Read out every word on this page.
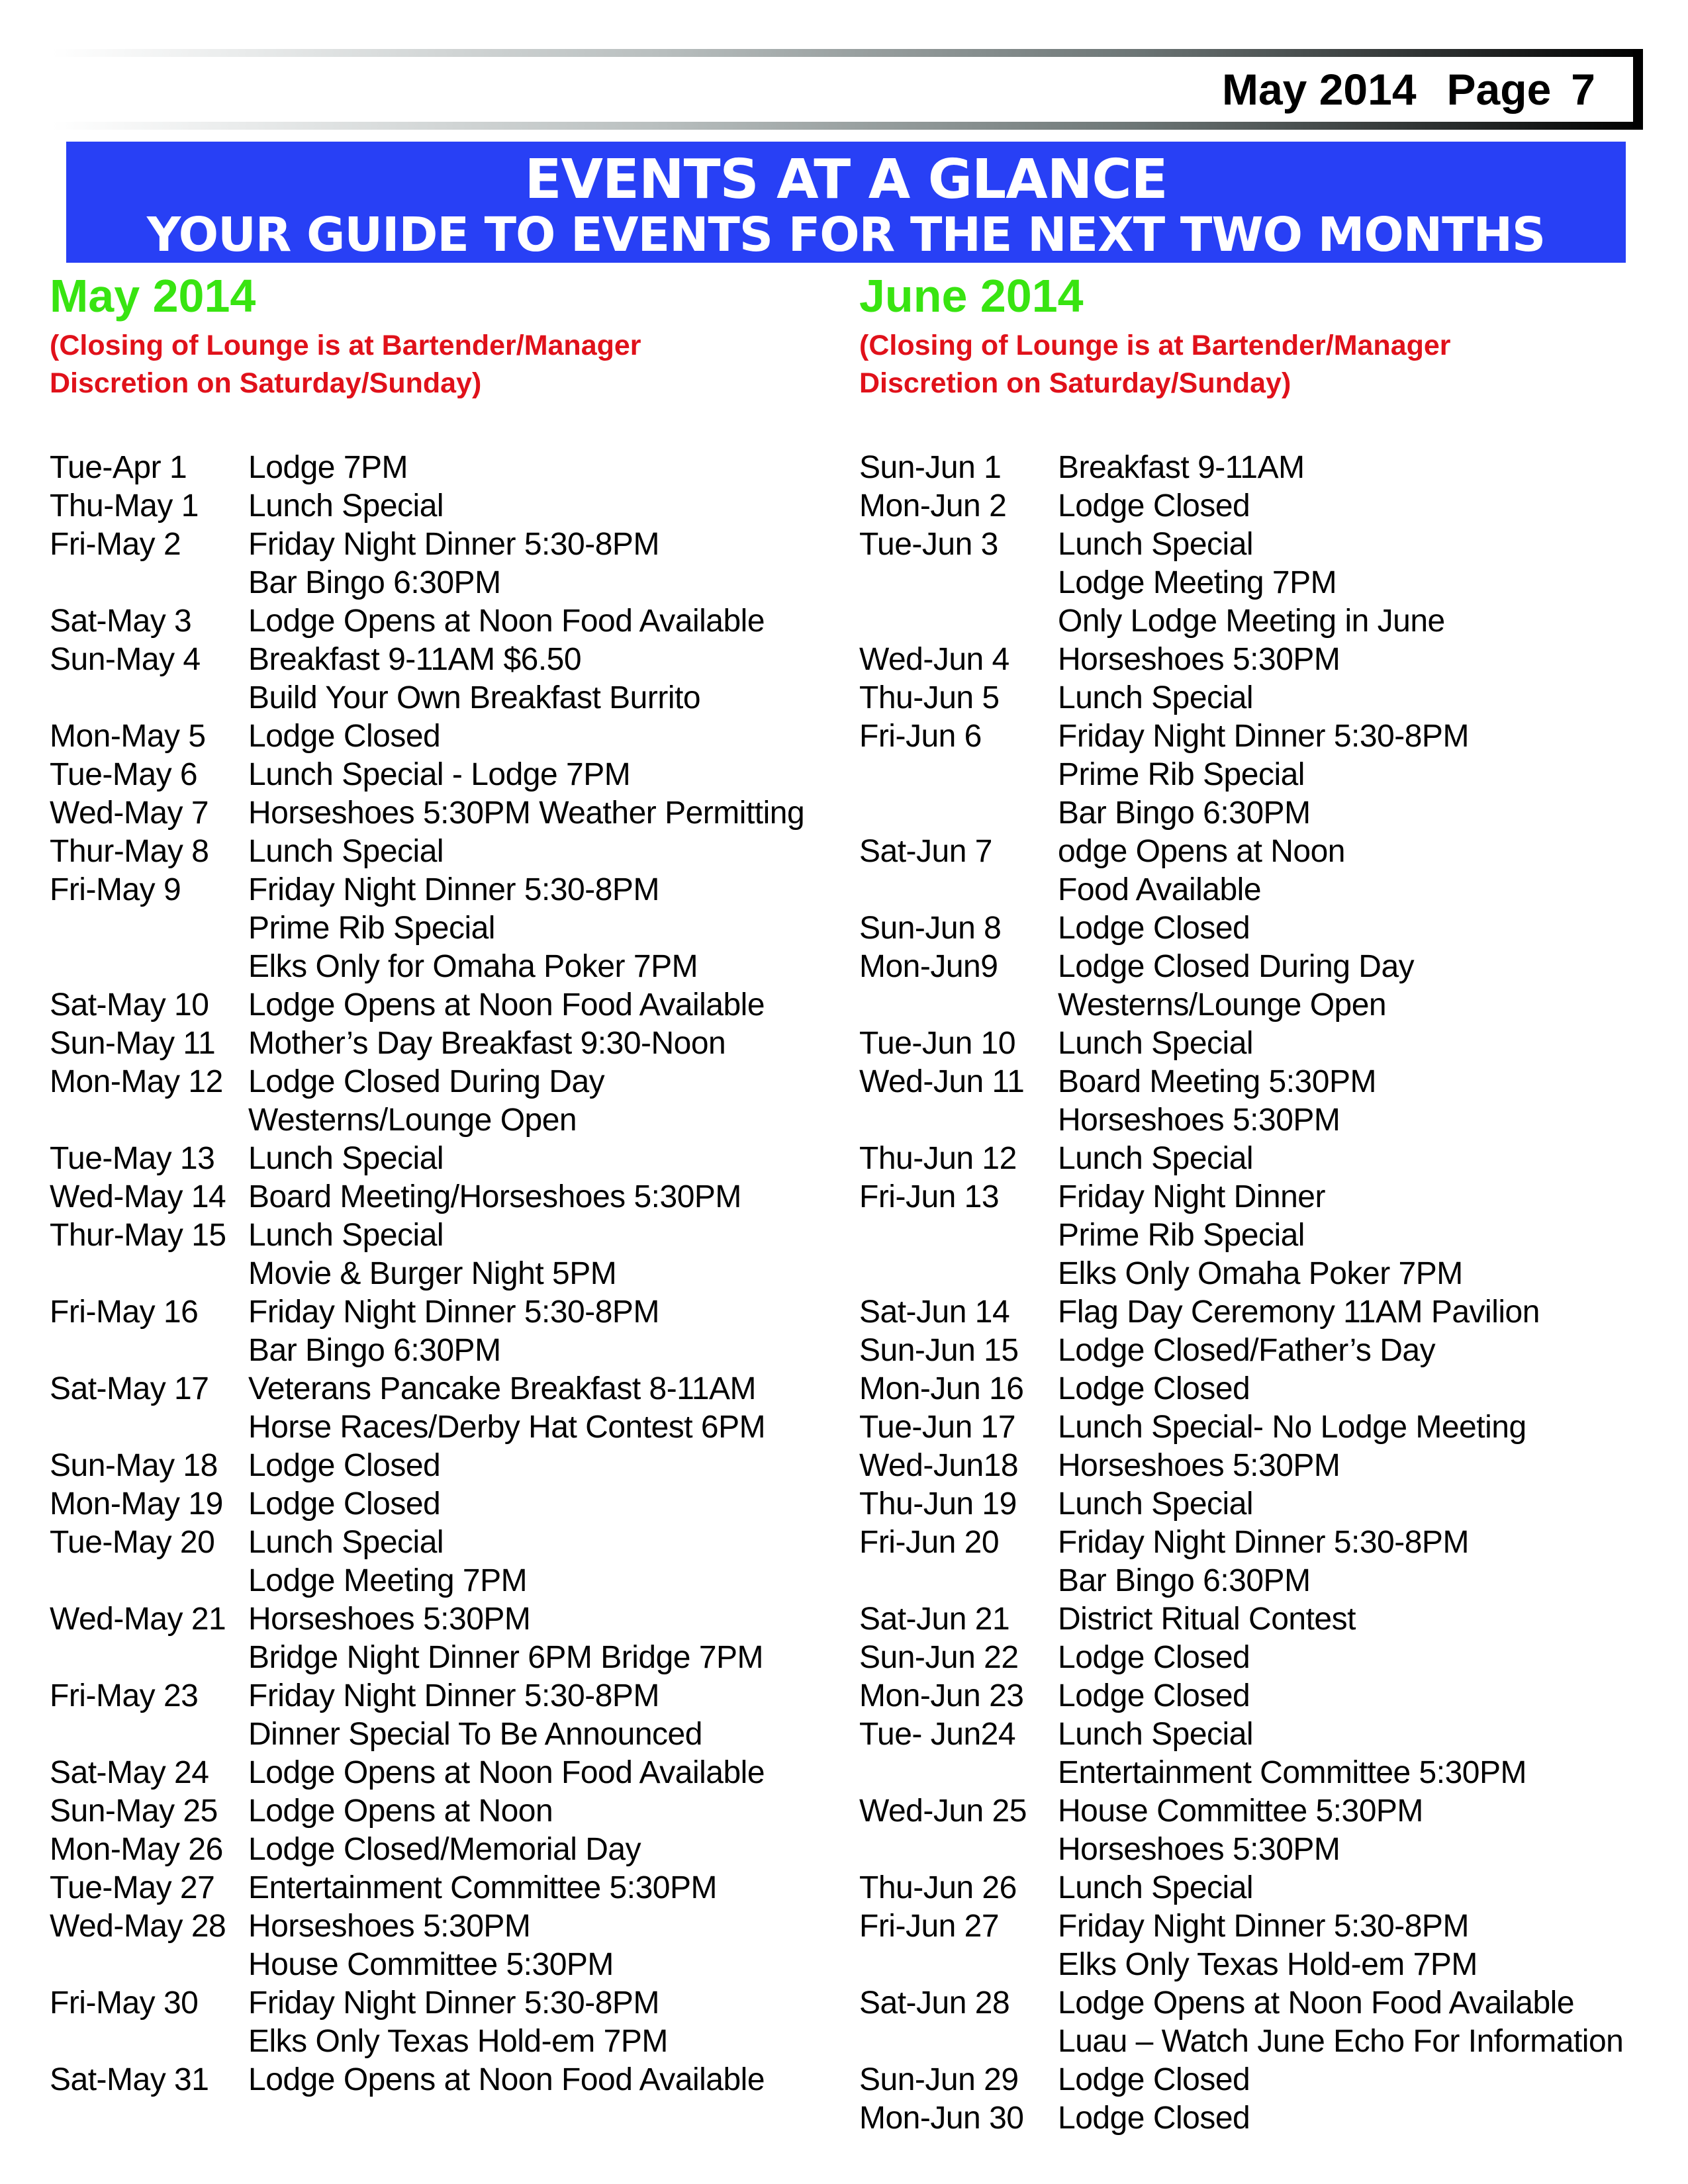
May 2014 Page 7
EVENTS AT A GLANCE
YOUR GUIDE TO EVENTS FOR THE NEXT TWO MONTHS
May 2014

(Closing of Lounge is at Bartender/Manager
Discretion on Saturday/Sunday)

Tue-Apr 1	Lodge 7PM
Thu-May 1	Lunch Special
Fri-May 2	Friday Night Dinner 5:30-8PM
Bar Bingo 6:30PM
Sat-May 3	Lodge Opens at Noon Food Available
Sun-May 4	Breakfast 9-11AM $6.50
Build Your Own Breakfast Burrito
Mon-May 5	Lodge Closed
Tue-May 6	Lunch Special - Lodge 7PM
Wed-May 7	Horseshoes 5:30PM Weather Permitting
Thur-May 8	Lunch Special
Fri-May 9	Friday Night Dinner 5:30-8PM
Prime Rib Special
Elks Only for Omaha Poker 7PM
Sat-May 10	Lodge Opens at Noon Food Available
Sun-May 11	Mother’s Day Breakfast 9:30-Noon
Mon-May 12 Lodge Closed During Day
Westerns/Lounge Open
Tue-May 13	Lunch Special
Wed-May 14 Board Meeting/Horseshoes 5:30PM
Thur-May 15 Lunch Special
Movie & Burger Night 5PM
Fri-May 16	Friday Night Dinner 5:30-8PM
Bar Bingo 6:30PM
Sat-May 17	Veterans Pancake Breakfast 8-11AM
Horse Races/Derby Hat Contest 6PM
Sun-May 18 Lodge Closed
Mon-May 19 Lodge Closed
Tue-May 20	Lunch Special
Lodge Meeting 7PM
Wed-May 21 Horseshoes 5:30PM
Bridge Night Dinner 6PM Bridge 7PM
Fri-May 23	Friday Night Dinner 5:30-8PM
Dinner Special To Be Announced
Sat-May 24	Lodge Opens at Noon Food Available
Sun-May 25 Lodge Opens at Noon
Mon-May 26 Lodge Closed/Memorial Day
Tue-May 27	Entertainment Committee 5:30PM
Wed-May 28 Horseshoes 5:30PM
House Committee 5:30PM
Fri-May 30	Friday Night Dinner 5:30-8PM
Elks Only Texas Hold-em 7PM
Sat-May 31	Lodge Opens at Noon Food Available
June 2014

(Closing of Lounge is at Bartender/Manager
Discretion on Saturday/Sunday)

Sun-Jun 1	Breakfast 9-11AM
Mon-Jun 2	Lodge Closed
Tue-Jun 3	Lunch Special
Lodge Meeting 7PM
Only Lodge Meeting in June
Wed-Jun 4	Horseshoes 5:30PM
Thu-Jun 5	Lunch Special
Fri-Jun 6	Friday Night Dinner 5:30-8PM
Prime Rib Special
Bar Bingo 6:30PM
Sat-Jun 7	odge Opens at Noon
Food Available
Sun-Jun 8	Lodge Closed
Mon-Jun9	Lodge Closed During Day
Westerns/Lounge Open
Tue-Jun 10	Lunch Special
Wed-Jun 11	Board Meeting 5:30PM
Horseshoes 5:30PM
Thu-Jun 12	Lunch Special
Fri-Jun 13	Friday Night Dinner
Prime Rib Special
Elks Only Omaha Poker 7PM
Sat-Jun 14	Flag Day Ceremony 11AM Pavilion
Sun-Jun 15	Lodge Closed/Father’s Day
Mon-Jun 16	Lodge Closed
Tue-Jun 17	Lunch Special- No Lodge Meeting
Wed-Jun18	Horseshoes 5:30PM
Thu-Jun 19	Lunch Special
Fri-Jun 20	Friday Night Dinner 5:30-8PM
Bar Bingo 6:30PM
Sat-Jun 21	District Ritual Contest
Sun-Jun 22	Lodge Closed
Mon-Jun 23	Lodge Closed
Tue- Jun24	Lunch Special
Entertainment Committee 5:30PM
Wed-Jun 25 House Committee 5:30PM
Horseshoes 5:30PM
Thu-Jun 26	Lunch Special
Fri-Jun 27	Friday Night Dinner 5:30-8PM
Elks Only Texas Hold-em 7PM
Sat-Jun 28	Lodge Opens at Noon Food Available
Luau – Watch June Echo For Information
Sun-Jun 29	Lodge Closed
Mon-Jun 30	Lodge Closed
